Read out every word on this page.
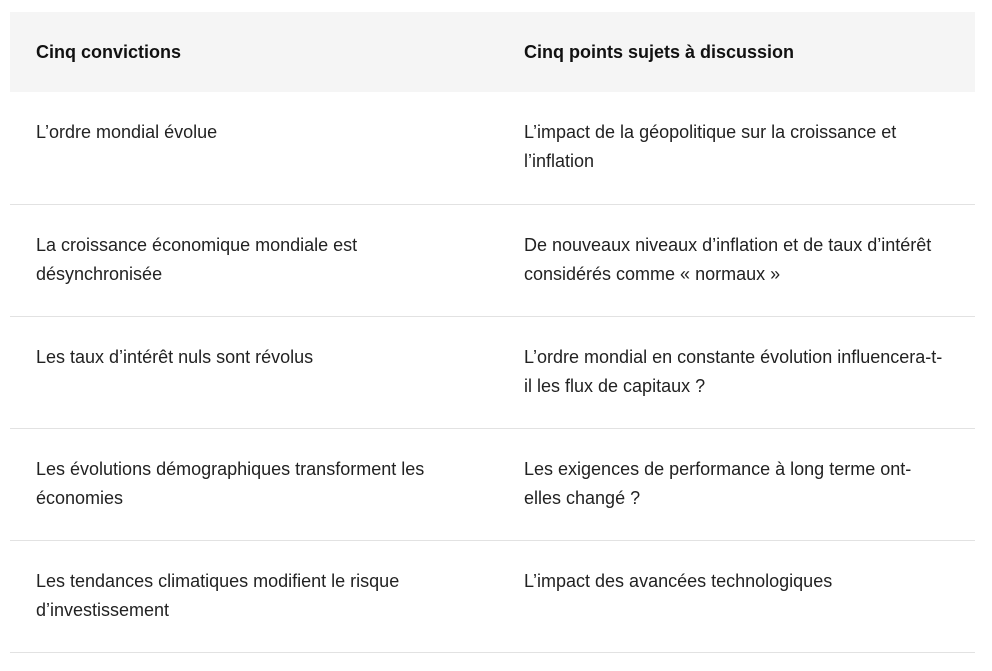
Cinq convictions	Cinq points sujets à discussion
L’ordre mondial évolue	L’impact de la géopolitique sur la croissance et l’inflation
La croissance économique mondiale est désynchronisée	De nouveaux niveaux d’inflation et de taux d’intérêt considérés comme « normaux »
Les taux d’intérêt nuls sont révolus	L’ordre mondial en constante évolution influencera-t-il les flux de capitaux ?
Les évolutions démographiques transforment les économies	Les exigences de performance à long terme ont-elles changé ?
Les tendances climatiques modifient le risque d’investissement	L’impact des avancées technologiques
